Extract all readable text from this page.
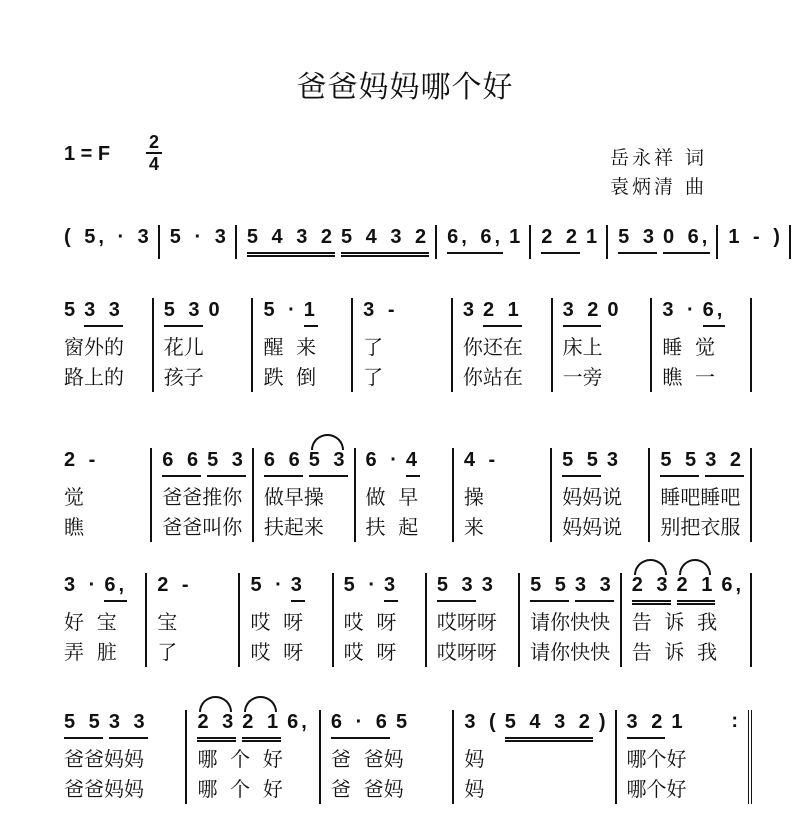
爸爸妈妈哪个好
1 = F
2
4	岳永祥 词
袁炳清 曲
( 5, · 3 5 · 3 5 4 3 2 5 4 3 2 6, 6, 1 2 2 1 5 3 0 6, 1 - )
5 3 3
窗外的
路上的
5 3 0
花儿
孩子
5 · 1
醒  来
跌  倒
3 -
了
了
3 2 1
你还在
你站在
3 2 0
床上
一旁
3 · 6,
睡  觉
瞧  一
2 -
觉
瞧
6 6 5 3
爸爸推你
爸爸叫你
6 6 5 3
做早操
扶起来
6 · 4
做  早
扶  起
4 -
操
来
5 5 3
妈妈说
妈妈说
5 5 3 2
睡吧睡吧
别把衣服
3 · 6,
好  宝
弄  脏
2 -
宝
了
5 · 3
哎  呀
哎  呀
5 · 3
哎  呀
哎  呀
5 3 3
哎呀呀
哎呀呀
5 5 3 3
请你快快
请你快快
2 3 2 1 6,
告  诉  我
告  诉  我
5 5 3 3
爸爸妈妈
爸爸妈妈
2 3 2 1 6,
哪  个  好
哪  个  好
6 · 6 5
爸  爸妈
爸  爸妈
3 ( 5 4 3 2 )
妈
妈
3 2 1 :
哪个好
哪个好
